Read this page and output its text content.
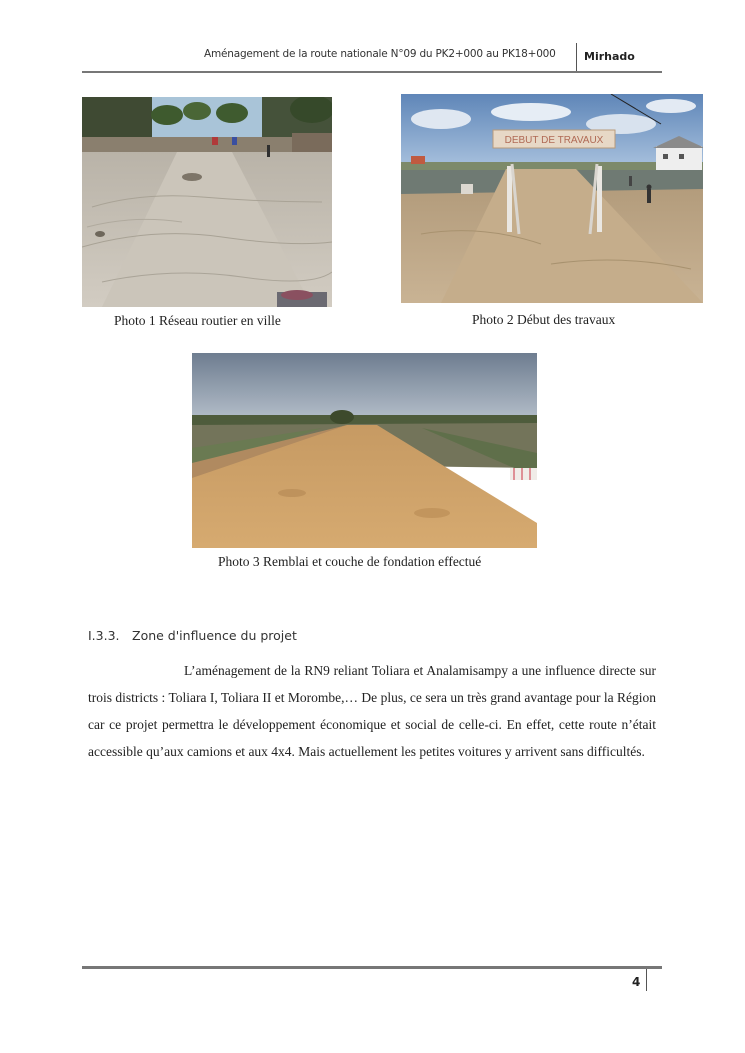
Aménagement de la route nationale N°09 du PK2+000 au PK18+000	Mirhado
DEBUT DE TRAVAUX
Photo 1 Réseau routier en ville	Photo 2 Début des travaux
Photo 3 Remblai et couche de fondation effectué
I.3.3. Zone d'influence du projet
L’aménagement de la RN9 reliant Toliara et Analamisampy a une influence directe sur trois districts : Toliara I, Toliara II et Morombe,… De plus, ce sera un très grand avantage pour la Région car ce projet permettra le développement économique et social de celle-ci. En effet, cette route n’était accessible qu’aux camions et aux 4x4. Mais actuellement les petites voitures y arrivent sans difficultés.
4
